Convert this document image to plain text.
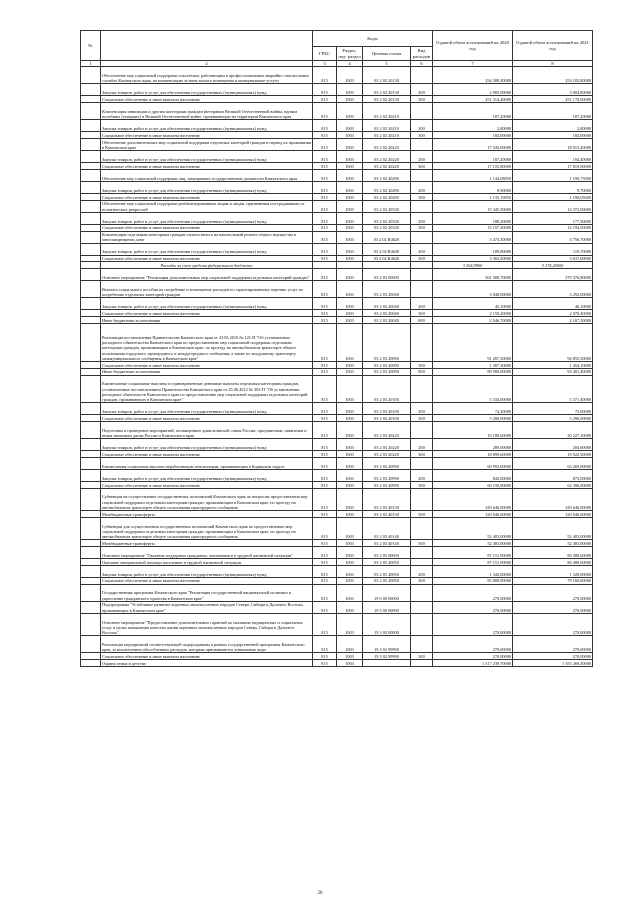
№		Коды				Годовой объем ассигнований на 2020 год	Годовой объем ассигнований на 2021 год
		ГРБС	Раздел, под- раздел	Целевая статья	Вид расходов		
1	2	3	4	5	6	7	8
	Обеспечение мер социальной поддержки спасателям, работающим в профессиональных аварийно-спасательных службах Камчатского края, на компенсацию за наем жилого помещения и коммунальные услуги	815	1003	03 2 02 20130		254 389,40000	253 182,80000
	Закупка товаров, работ и услуг для обеспечения государственных (муниципальных) нужд	815	1003	03 2 02 20130	200	2 985,00000	3 004,80000
	Социальное обеспечение и иные выплаты населению	815	1003	03 2 02 20130	300	251 314,40000	251 178,00000
	Компенсация инвалидам и другим категориям граждан (ветеранам Великой Отечественной войны, вдовам погибших (умерших) в Великой Отечественной войне, проживающим на территории Камчатского края	815	1003	03 2 02 20210		187,20000	187,20000
	Закупка товаров, работ и услуг для обеспечения государственных (муниципальных) нужд	815	1003	03 2 02 20210	200	2,80000	2,80000
	Социальное обеспечение и иные выплаты населению	815	1003	03 2 02 20210	300	184,00000	184,00000
	Обеспечение дополнительных мер социальной поддержки отдельных категорий граждан в период их проживания в Камчатском крае	815	1003	03 2 02 20220		17 343,00000	18 013,40000
	Закупка товаров, работ и услуг для обеспечения государственных (муниципальных) нужд	815	1003	03 2 02 20220	200	187,20000	194,40000
	Социальное обеспечение и иные выплаты населению	815	1003	03 2 02 20220	300	17 155,80000	17 819,00000
	Обеспечение мер социальной поддержки лиц, замещавших государственные должности Камчатского края	815	1003	03 2 02 20280		1 144,08850	1 199,75000
	Закупка товаров, работ и услуг для обеспечения государственных (муниципальных) нужд	815	1003	03 2 02 20280	200	8,90000	9,70000
	Социальное обеспечение и иные выплаты населению	815	1003	03 2 02 20280	300	1 135,19850	1 190,05000
	Обеспечение мер социальной поддержки реабилитированным лицам и лицам, признанным пострадавшими от политических репрессий	815	1003	03 2 02 20330		15 345,50000	14 372,00000
	Закупка товаров, работ и услуг для обеспечения государственных (муниципальных) нужд	815	1003	03 2 02 20330	200	188,20000	177,50000
	Социальное обеспечение и иные выплаты населению	815	1003	03 2 02 20330	300	15 157,30000	14 194,50000
	Компенсация отдельным категориям граждан оплаты взноса на капитальный ремонт общего имущества в многоквартирном доме	815	1003	03 2 02 R4620		3 473,30000	3 756,70000
	Закупка товаров, работ и услуг для обеспечения государственных (муниципальных) нужд	815	1003	03 2 02 R4620	200	109,80000	119,70000
	Социальное обеспечение и иные выплаты населению	815	1003	03 2 02 R4620	300	3 363,50000	3 637,00000
	Расходы за счет средств федерального бюджета					3 364,9900	3 174,20000
	Основное мероприятие "Реализация дополнительных мер социальной поддержки отдельных категорий граждан"	815	1003	03 2 03 00000		561 388,70000	579 376,80000
	Выплата социального пособия на погребение и возмещение расходов по гарантированному перечню услуг по погребению отдельных категорий граждан	815	1003	03 2 03 20040		3 048,00000	3 292,00000
	Закупка товаров, работ и услуг для обеспечения государственных (муниципальных) нужд	815	1003	03 2 03 20040	200	45,10000	46,10000
	Социальное обеспечение и иные выплаты населению	815	1003	03 2 03 20040	300	2 159,20000	2 078,40000
	Иные бюджетные ассигнования	815	1003	03 2 03 20040	800	2 046,70000	2 167,50000
	Реализация постановления Правительства Камчатского края от 23.05.2010 № 121-П "Об установлении расходного обязательства Камчатского края по предоставлению мер социальной поддержки отдельным категориям граждан, проживающим в Камчатском крае, по проезду на автомобильном транспорте общего пользования городского, пригородного и междугородного сообщения, а также по воздушному транспорту межмуниципального сообщения в Камчатском крае"	815	1003	03 2 03 20090		91 287,30000	94 855,50000
	Социальное обеспечение и иные выплаты населению	815	1003	03 2 03 20090	300	1 387,30000	1 454,10000
	Иные бюджетные ассигнования	815	1003	03 2 03 20090	800	89 900,00000	93 401,40000
	Ежемесячные социальные выплаты и единовременные денежные выплаты отдельным категориям граждан, установленные постановлением Правительства Камчатского края от 25.06.2012 № 303-П "Об установлении расходных обязательств Камчатского края по предоставлению мер социальной поддержки отдельных категорий граждан, проживающих в Камчатском крае"	815	1003	03 2 03 20100		5 334,00000	5 371,40000
	Закупка товаров, работ и услуг для обеспечения государственных (муниципальных) нужд	815	1003	03 2 03 20100	200	74,20000	75,00000
	Социальное обеспечение и иные выплаты населению	815	1003	03 2 03 20100	300	5 280,00000	5 296,00000
	Подготовка и проведение мероприятий, посвященных дням воинской славы России, праздничным, памятным и иным значимым датам России и Камчатского края	815	1003	03 2 03 20220		19 188,60000	20 227,10000
	Закупка товаров, работ и услуг для обеспечения государственных (муниципальных) нужд	815	1003	03 2 03 20220	200	289,00000	204,60000
	Социальное обеспечение и иные выплаты населению	815	1003	03 2 03 20220	300	18 899,60000	19 922,50000
	Ежемесячная социальная выплата неработающим пенсионерам, проживающим в Корякском округе	815	1003	03 2 03 20990		60 993,00000	63 269,00000
	Закупка товаров, работ и услуг для обеспечения государственных (муниципальных) нужд	815	1003	03 2 03 20990	200	843,00000	873,00000
	Социальное обеспечение и иные выплаты населению	815	1003	03 2 03 20990	300	60 150,00000	62 396,00000
	Субвенции на осуществление государственных полномочий Камчатского края по вопросам предоставления мер социальной поддержки отдельным категориям граждан, проживающим в Камчатском крае, по проезду на автомобильном транспорте общего пользования пригородного сообщения	815	1003	03 2 03 40130		329 646,00000	329 646,00000
	Межбюджетные трансферты	815	1003	03 2 03 40130	500	329 646,00000	329 646,00000
	Субвенции для осуществления государственных полномочий Камчатского края по предоставлению мер социальной поддержки отдельным категориям граждан, проживающим в Камчатском крае, по проезду на автомобильном транспорте общего пользования пригородного сообщения	815	1003	03 2 03 40140		52 483,00000	52 483,00000
	Межбюджетные трансферты	815	1003	03 2 03 40140	500	52 483,00000	52 483,00000
	Основное мероприятие "Оказание поддержки гражданам, оказавшимся в трудной жизненной ситуации"	815	1003	03 2 05 00000		87 151,90000	80 488,60000
	Оказание материальной помощи населению в трудной жизненной ситуации	815	1003	03 2 05 20050		87 151,90000	80 488,60000
	Закупка товаров, работ и услуг для обеспечения государственных (муниципальных) нужд	815	1003	03 2 05 20050	200	1 343,00000	1 328,00000
	Социальное обеспечение и иные выплаты населению	815	1003	03 2 05 20050	300	85 808,90000	79 160,60000
	Государственная программа Камчатского края "Реализация государственной национальной политики и укрепление гражданского единства в Камчатском крае"	815	1003	19 0 00 00000		270,00000	270,00000
	Подпрограмма "Устойчивое развитие коренных малочисленных народов Севера, Сибири и Дальнего Востока, проживающих в Камчатском крае"	815	1003	19 3 00 00000		270,00000	270,00000
	Основное мероприятие "Предоставление дополнительных гарантий по оказанию медицинских и социальных услуг в целях повышения качества жизни коренных малочисленных народов Севера, Сибири и Дальнего Востока"	815	1003	19 3 02 00000		270,00000	270,00000
	Реализация мероприятий соответствующей подпрограммы в рамках государственной программы Камчатского края, за исключением обособленных расходов, которым присваиваются уникальные коды	815	1003	19 3 02 99990		270,00000	270,00000
	Социальное обеспечение и иные выплаты населению	815	1003	19 3 02 99990	300	270,00000	270,00000
	Охрана семьи и детства	815	1004			1 517 239,70000	1 555 269,30000
26
